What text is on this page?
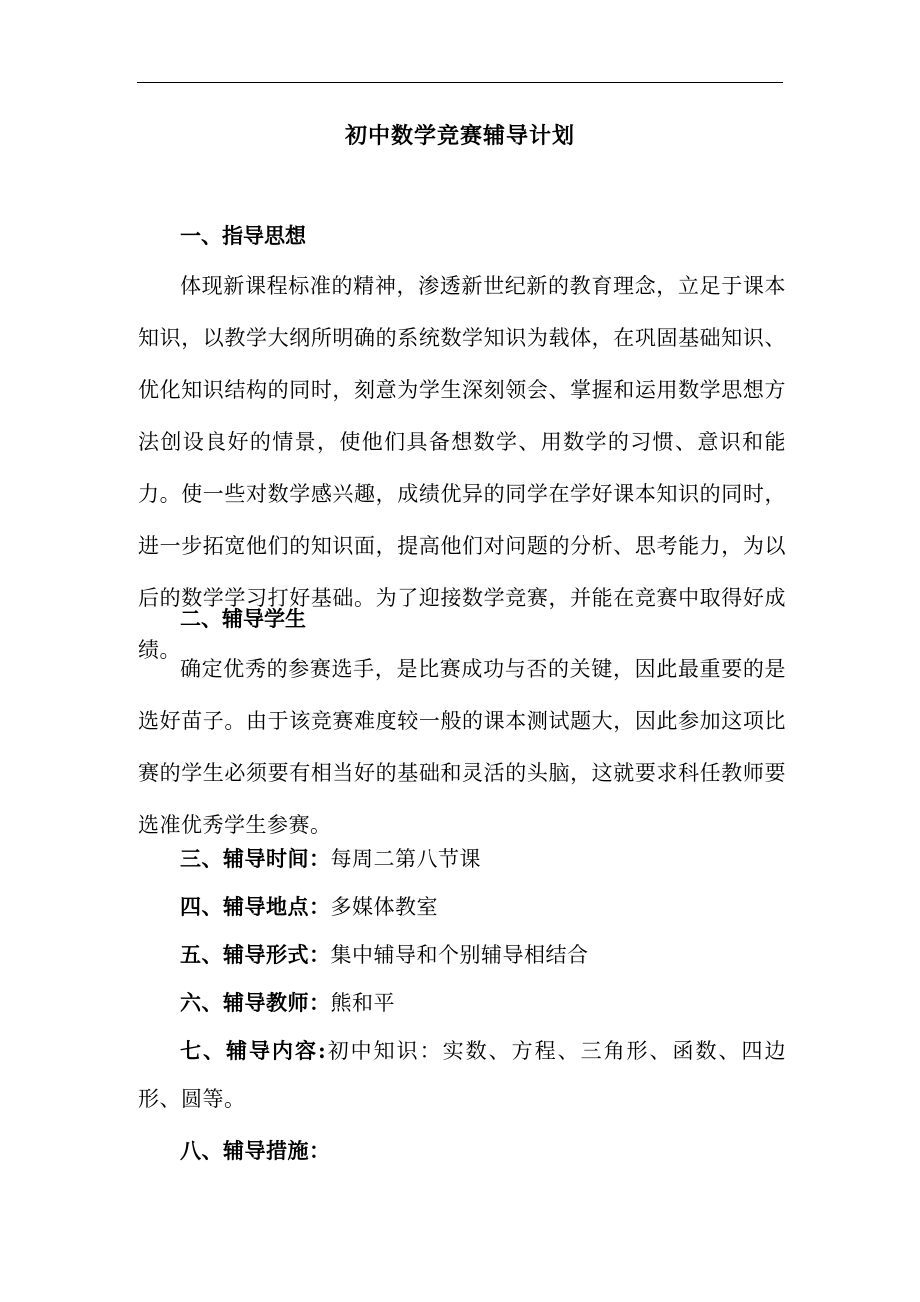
初中数学竞赛辅导计划
一、指导思想
体现新课程标准的精神，渗透新世纪新的教育理念，立足于课本知识，以教学大纲所明确的系统数学知识为载体，在巩固基础知识、优化知识结构的同时，刻意为学生深刻领会、掌握和运用数学思想方法创设良好的情景，使他们具备想数学、用数学的习惯、意识和能力。使一些对数学感兴趣，成绩优异的同学在学好课本知识的同时，进一步拓宽他们的知识面，提高他们对问题的分析、思考能力，为以后的数学学习打好基础。为了迎接数学竞赛，并能在竞赛中取得好成绩。
二、辅导学生
确定优秀的参赛选手，是比赛成功与否的关键，因此最重要的是选好苗子。由于该竞赛难度较一般的课本测试题大，因此参加这项比赛的学生必须要有相当好的基础和灵活的头脑，这就要求科任教师要选准优秀学生参赛。
三、辅导时间：每周二第八节课
四、辅导地点：多媒体教室
五、辅导形式：集中辅导和个别辅导相结合
六、辅导教师：熊和平
七、辅导内容:初中知识：实数、方程、三角形、函数、四边形、圆等。
八、辅导措施：
